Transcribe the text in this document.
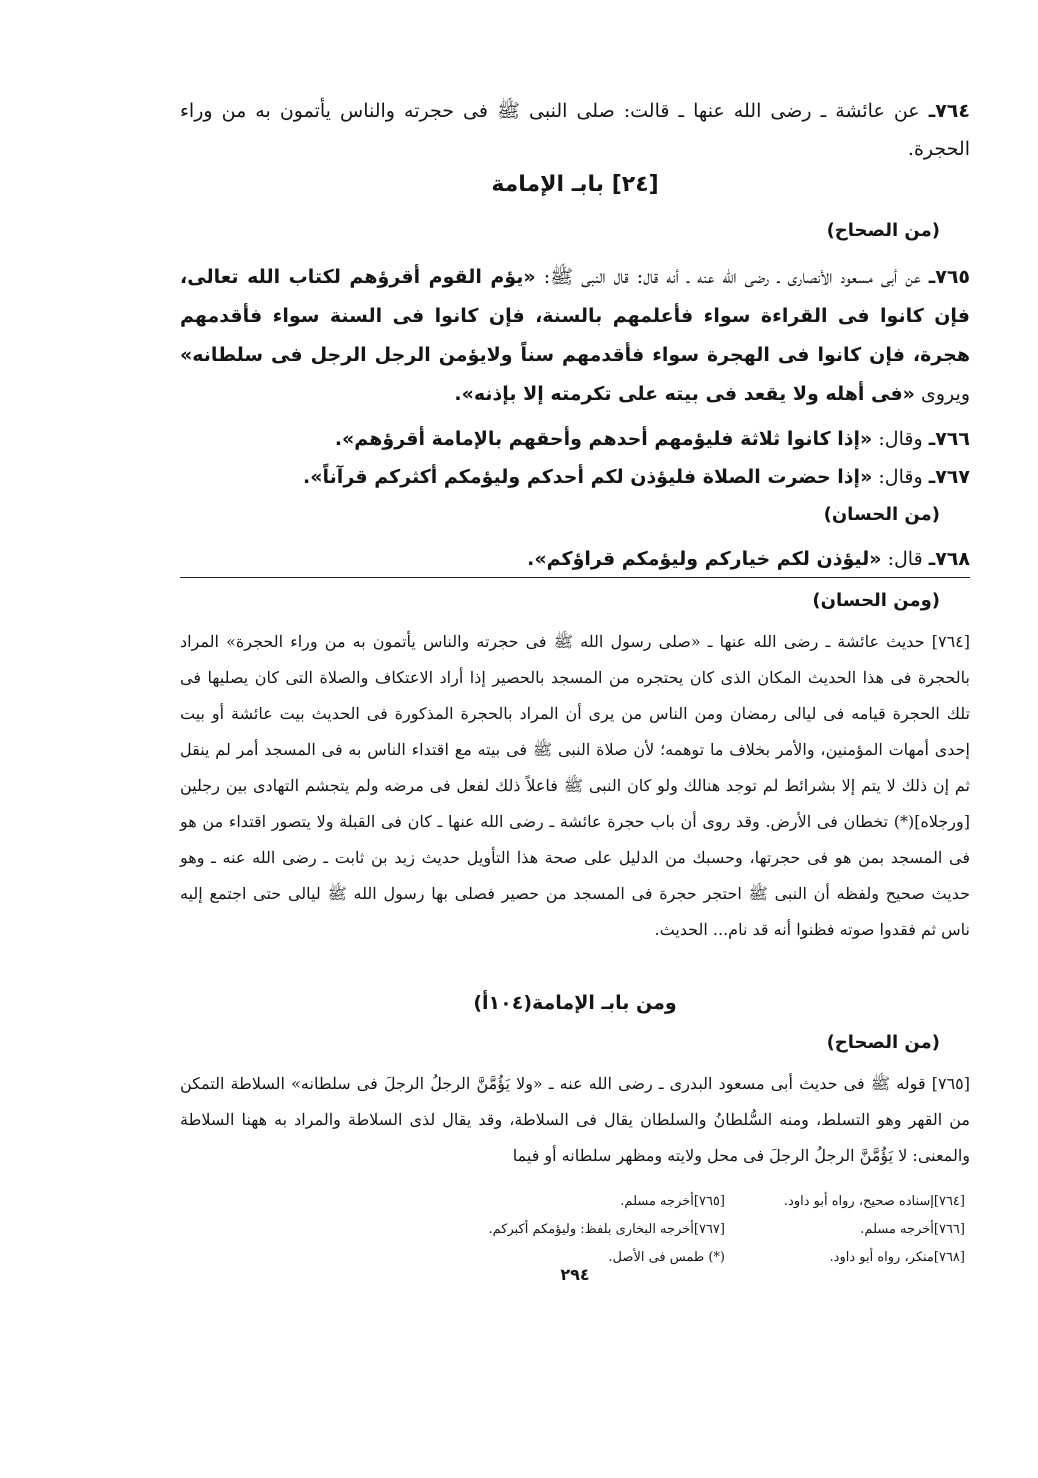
٧٦٤ـ عن عائشة ـ رضى الله عنها ـ قالت: صلى النبى ﷺ فى حجرته والناس يأتمون به من وراء الحجرة.
[٢٤] بابـ الإمامة
(من الصحاح)
٧٦٥ـ عن أبى مسعود الأنصارى ـ رضى الله عنه ـ أنه قال: قال النبى ﷺ: «يؤم القوم أقرؤهم لكتاب الله تعالى، فإن كانوا فى القراءة سواء فأعلمهم بالسنة، فإن كانوا فى السنة سواء فأقدمهم هجرة، فإن كانوا فى الهجرة سواء فأقدمهم سناً ولايؤمن الرجل الرجل فى سلطانه» ويروى «فى أهله ولا يقعد فى بيته على تكرمته إلا بإذنه».
٧٦٦ـ وقال: «إذا كانوا ثلاثة فليؤمهم أحدهم وأحقهم بالإمامة أقرؤهم».
٧٦٧ـ وقال: «إذا حضرت الصلاة فليؤذن لكم أحدكم وليؤمكم أكثركم قرآناً».
(من الحسان)
٧٦٨ـ قال: «ليؤذن لكم خياركم وليؤمكم قراؤكم».
(ومن الحسان)
[٧٦٤] حديث عائشة ـ رضى الله عنها ـ «صلى رسول الله ﷺ فى حجرته والناس يأتمون به من وراء الحجرة» المراد بالحجرة فى هذا الحديث المكان الذى كان يحتجره من المسجد بالحصير إذا أراد الاعتكاف والصلاة التى كان يصليها فى تلك الحجرة قيامه فى ليالى رمضان ومن الناس من يرى أن المراد بالحجرة المذكورة فى الحديث بيت عائشة أو بيت إحدى أمهات المؤمنين، والأمر بخلاف ما توهمه؛ لأن صلاة النبى ﷺ فى بيته مع اقتداء الناس به فى المسجد أمر لم ينقل ثم إن ذلك لا يتم إلا بشرائط لم توجد هنالك ولو كان النبى ﷺ فاعلاً ذلك لفعل فى مرضه ولم يتجشم التهادى بين رجلين [ورجلاه](*) تخطان فى الأرض. وقد روى أن باب حجرة عائشة ـ رضى الله عنها ـ كان فى القبلة ولا يتصور اقتداء من هو فى المسجد بمن هو فى حجرتها، وحسبك من الدليل على صحة هذا التأويل حديث زيد بن ثابت ـ رضى الله عنه ـ وهو حديث صحيح ولفظه أن النبى ﷺ احتجر حجرة فى المسجد من حصير فصلى بها رسول الله ﷺ ليالى حتى اجتمع إليه ناس ثم فقدوا صوته فظنوا أنه قد نام... الحديث.
ومن بابـ الإمامة(١٠٤أ)
(من الصحاح)
[٧٦٥] قوله ﷺ فى حديث أبى مسعود البدرى ـ رضى الله عنه ـ «ولا يَؤُمَّنَّ الرجلُ الرجلَ فى سلطانه» السلاطة التمكن من القهر وهو التسلط، ومنه السُّلطانُ والسلطان يقال فى السلاطة، وقد يقال لذى السلاطة والمراد به ههنا السلاطة والمعنى: لا يَؤُمَّنَّ الرجلُ الرجلَ فى محل ولايته ومظهر سلطانه أو فيما
[٧٦٤]إسناده صحيح، رواه أبو داود.
[٧٦٥]أخرجه مسلم.
[٧٦٦]أخرجه مسلم.
[٧٦٧]أخرجه البخارى بلفظ: وليؤمكم أكبركم.
[٧٦٨]منكر، رواه أبو داود.
(*) طمس فى الأصل.
٢٩٤
